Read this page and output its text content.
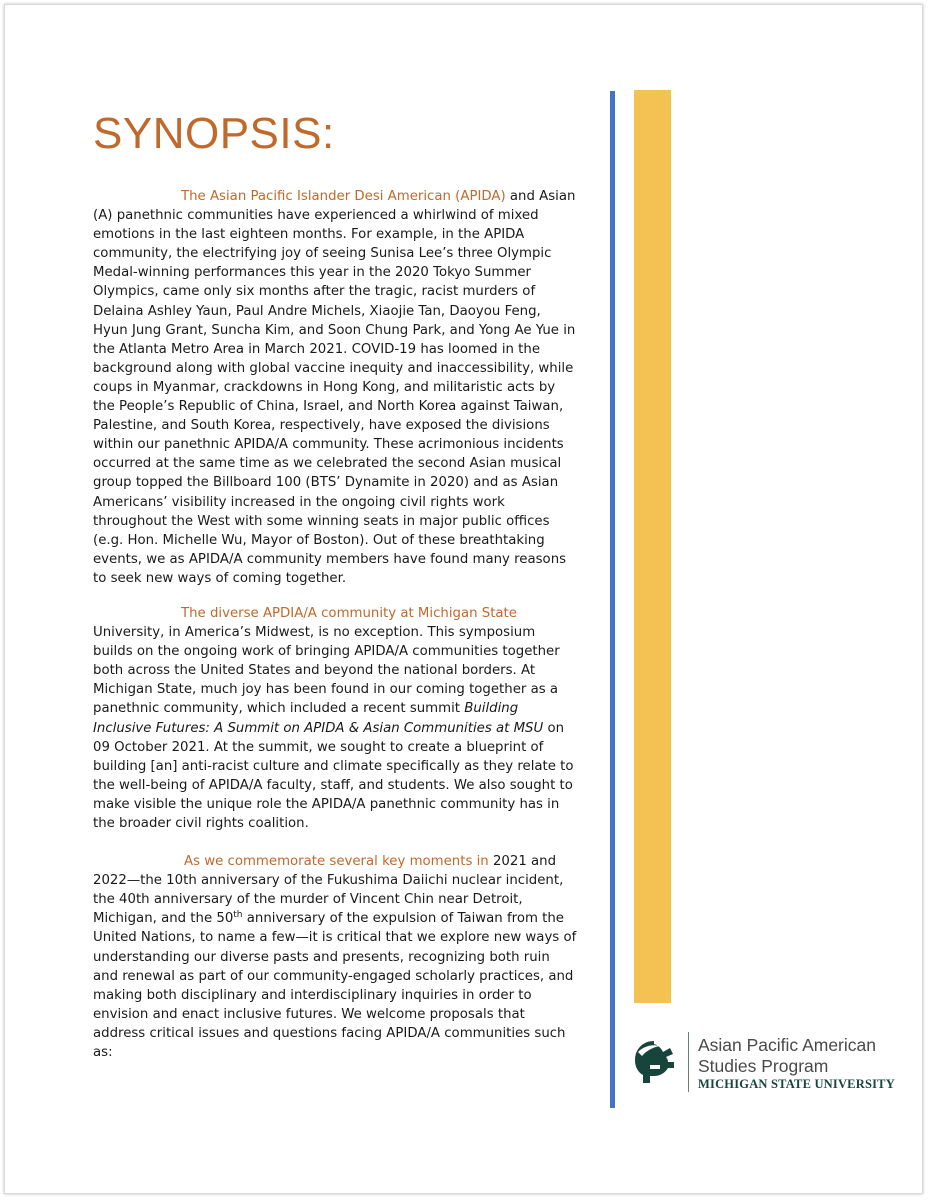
SYNOPSIS:

The Asian Pacific Islander Desi American (APIDA) and Asian (A) panethnic communities have experienced a whirlwind of mixed emotions in the last eighteen months. For example, in the APIDA community, the electrifying joy of seeing Sunisa Lee’s three Olympic Medal-winning performances this year in the 2020 Tokyo Summer Olympics, came only six months after the tragic, racist murders of Delaina Ashley Yaun, Paul Andre Michels, Xiaojie Tan, Daoyou Feng, Hyun Jung Grant, Suncha Kim, and Soon Chung Park, and Yong Ae Yue in the Atlanta Metro Area in March 2021. COVID-19 has loomed in the background along with global vaccine inequity and inaccessibility, while coups in Myanmar, crackdowns in Hong Kong, and militaristic acts by the People’s Republic of China, Israel, and North Korea against Taiwan, Palestine, and South Korea, respectively, have exposed the divisions within our panethnic APIDA/A community. These acrimonious incidents occurred at the same time as we celebrated the second Asian musical group topped the Billboard 100 (BTS’ Dynamite in 2020) and as Asian Americans’ visibility increased in the ongoing civil rights work throughout the West with some winning seats in major public offices (e.g. Hon. Michelle Wu, Mayor of Boston). Out of these breathtaking events, we as APIDA/A community members have found many reasons to seek new ways of coming together.

The diverse APDIA/A community at Michigan State University, in America’s Midwest, is no exception. This symposium builds on the ongoing work of bringing APIDA/A communities together both across the United States and beyond the national borders. At Michigan State, much joy has been found in our coming together as a panethnic community, which included a recent summit Building Inclusive Futures: A Summit on APIDA & Asian Communities at MSU on 09 October 2021. At the summit, we sought to create a blueprint of building [an] anti-racist culture and climate specifically as they relate to the well-being of APIDA/A faculty, staff, and students. We also sought to make visible the unique role the APIDA/A panethnic community has in the broader civil rights coalition.

As we commemorate several key moments in 2021 and 2022—the 10th anniversary of the Fukushima Daiichi nuclear incident, the 40th anniversary of the murder of Vincent Chin near Detroit, Michigan, and the 50th anniversary of the expulsion of Taiwan from the United Nations, to name a few—it is critical that we explore new ways of understanding our diverse pasts and presents, recognizing both ruin and renewal as part of our community-engaged scholarly practices, and making both disciplinary and interdisciplinary inquiries in order to envision and enact inclusive futures. We welcome proposals that address critical issues and questions facing APIDA/A communities such as:	Asian Pacific American
Studies Program
MICHIGAN STATE UNIVERSITY
